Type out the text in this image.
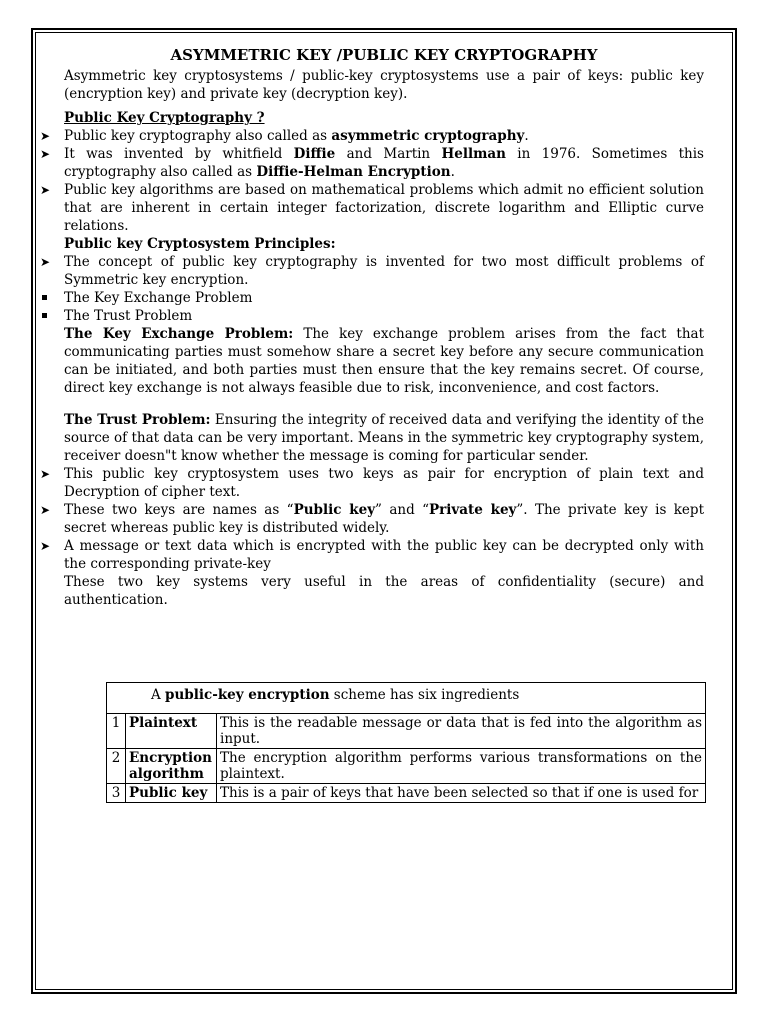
ASYMMETRIC KEY /PUBLIC KEY CRYPTOGRAPHY

Asymmetric key cryptosystems / public-key cryptosystems use a pair of keys: public key (encryption key) and private key (decryption key).

Public Key Cryptography ?

➤	Public key cryptography also called as asymmetric cryptography.
➤	It was invented by whitfield Diffie and Martin Hellman in 1976. Sometimes this cryptography also called as Diffie-Helman Encryption.
➤	Public key algorithms are based on mathematical problems which admit no efficient solution that are inherent in certain integer factorization, discrete logarithm and Elliptic curve relations.

Public key Cryptosystem Principles:

➤	The concept of public key cryptography is invented for two most difficult problems of Symmetric key encryption.
The Key Exchange Problem
The Trust Problem

The Key Exchange Problem: The key exchange problem arises from the fact that communicating parties must somehow share a secret key before any secure communication can be initiated, and both parties must then ensure that the key remains secret. Of course, direct key exchange is not always feasible due to risk, inconvenience, and cost factors.

The Trust Problem: Ensuring the integrity of received data and verifying the identity of the source of that data can be very important. Means in the symmetric key cryptography system, receiver doesn"t know whether the message is coming for particular sender.

➤	This public key cryptosystem uses two keys as pair for encryption of plain text and Decryption of cipher text.
➤	These two keys are names as “Public key” and “Private key”. The private key is kept secret whereas public key is distributed widely.
➤	A message or text data which is encrypted with the public key can be decrypted only with the corresponding private-key

These two key systems very useful in the areas of confidentiality (secure) and authentication.

A public-key encryption scheme has six ingredients		
1	Plaintext	This is the readable message or data that is fed into the algorithm as input.
2	Encryption algorithm	The encryption algorithm performs various transformations on the plaintext.
3	Public key	This is a pair of keys that have been selected so that if one is used for
